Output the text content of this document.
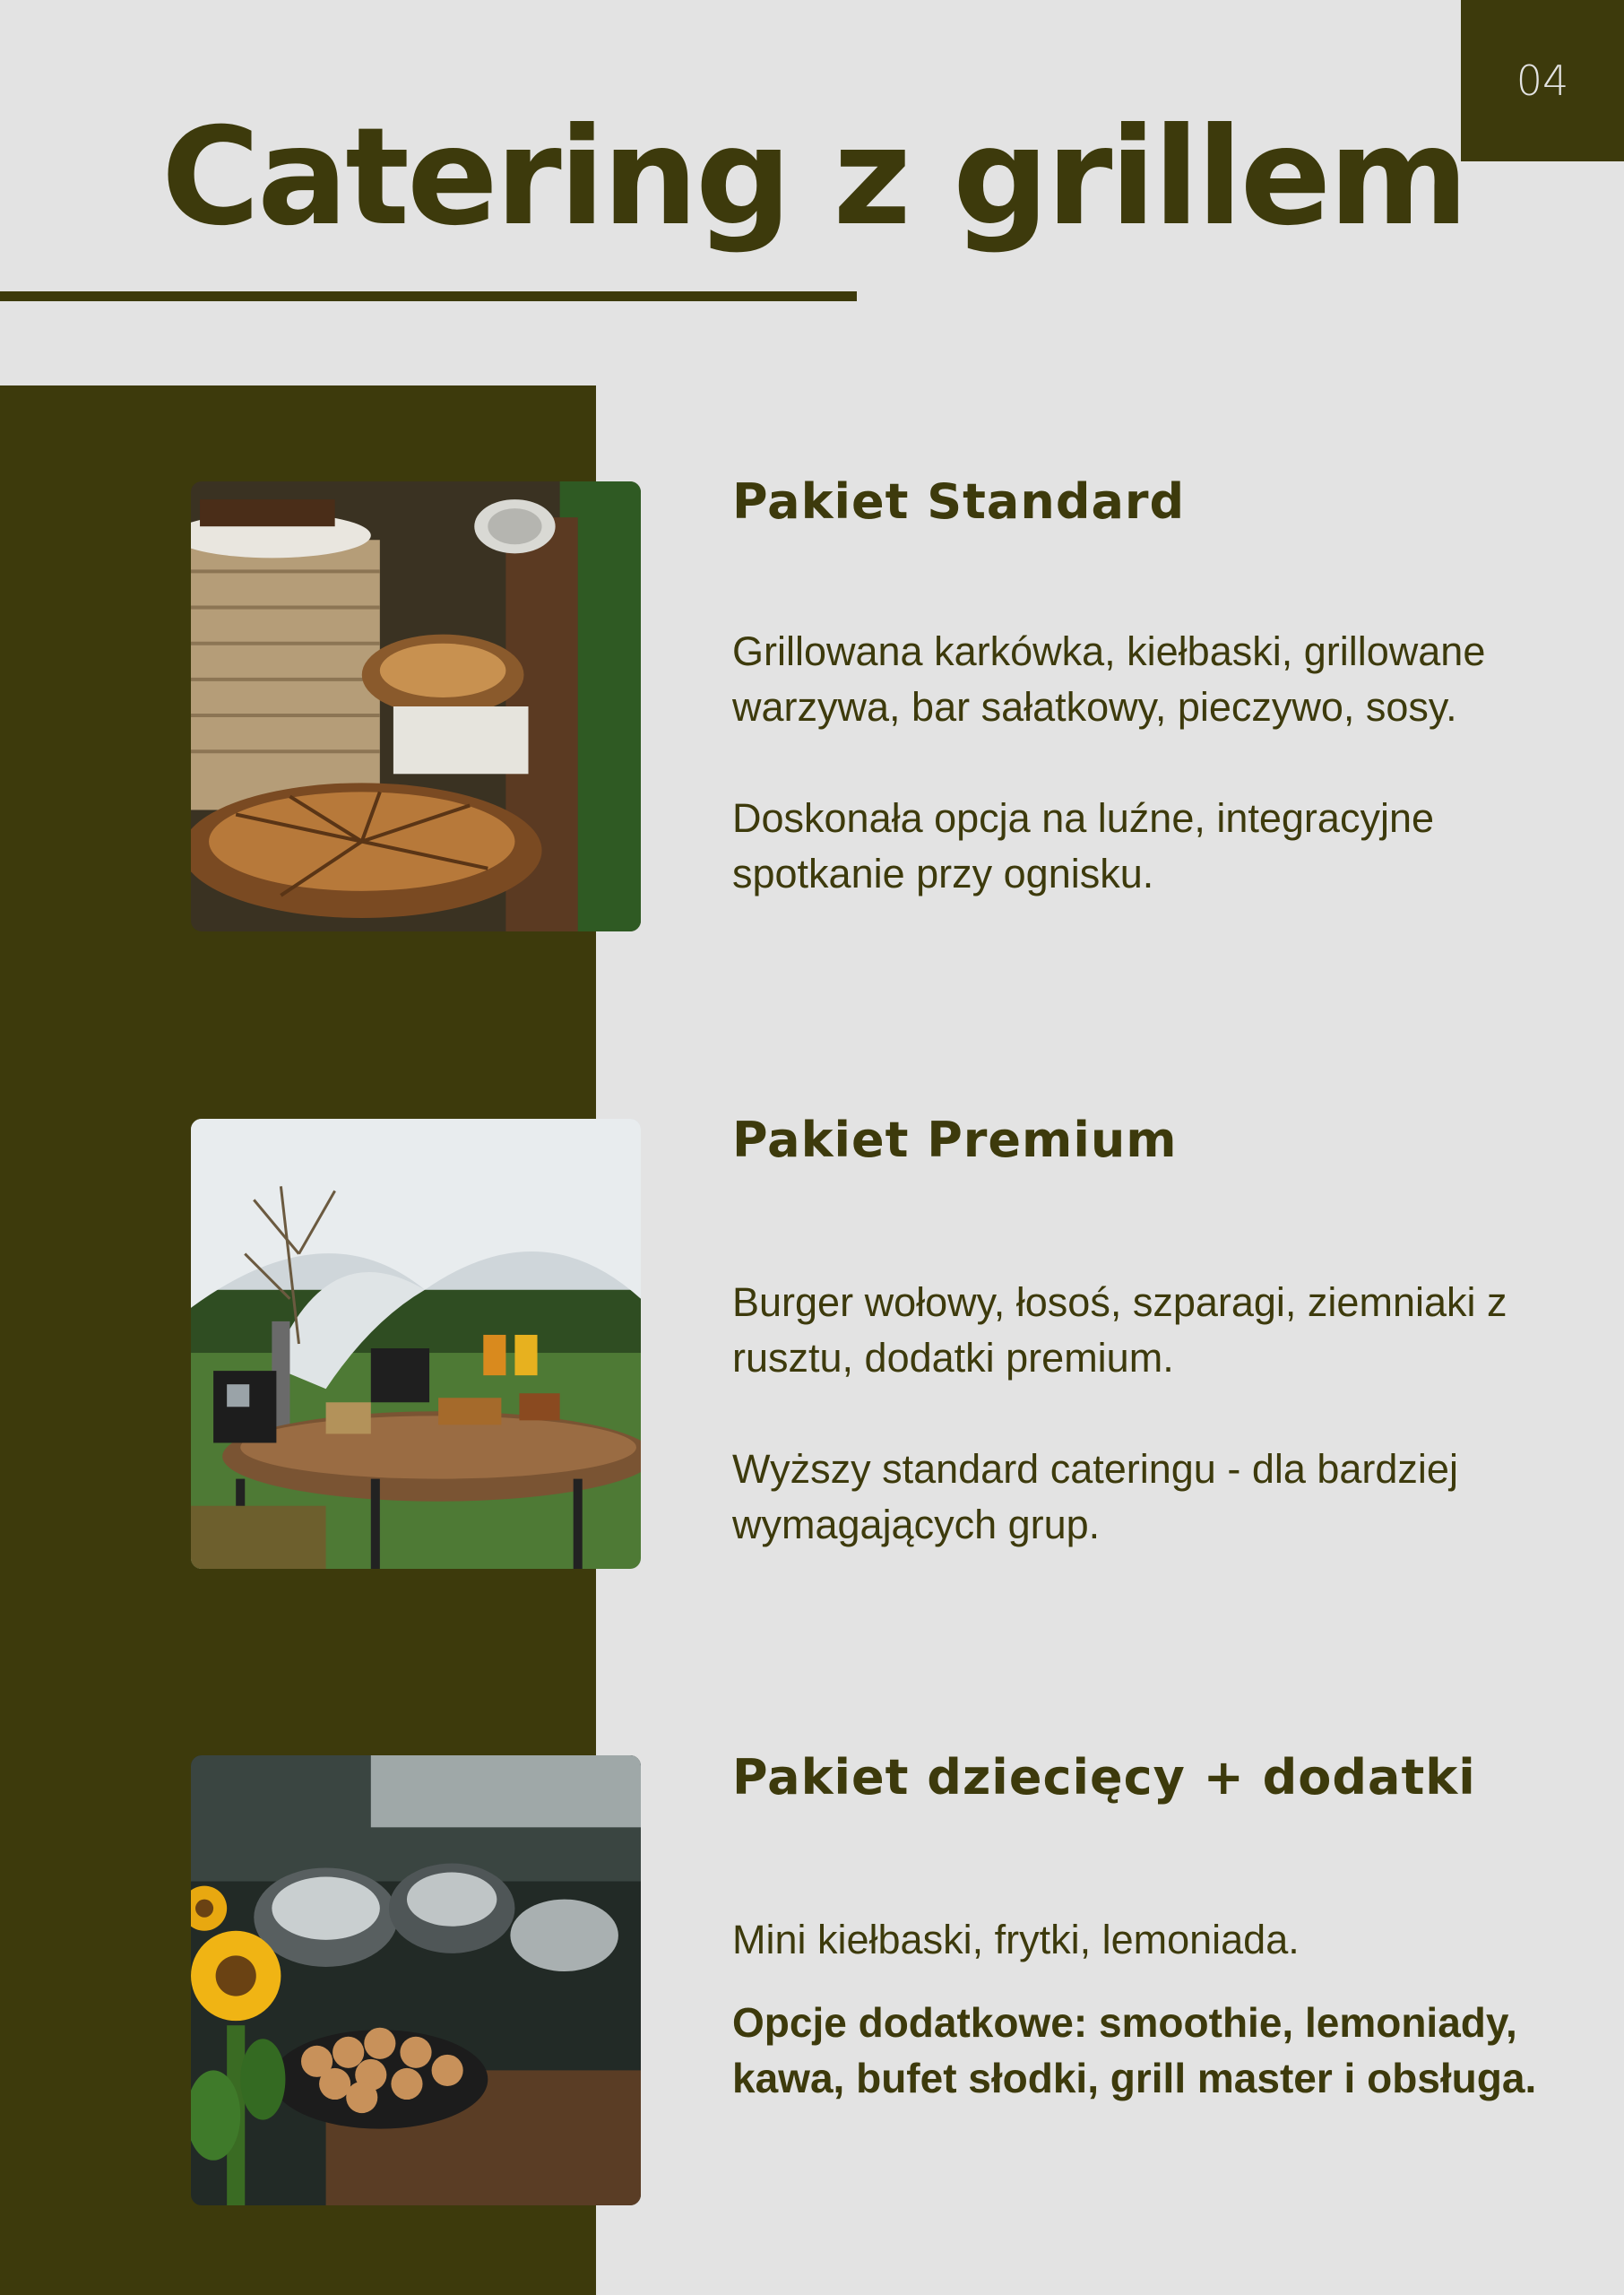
04
Catering z grillem
Pakiet Standard

Grillowana karkówka, kiełbaski, grillowane warzywa, bar sałatkowy, pieczywo, sosy.

Doskonała opcja na luźne, integracyjne spotkanie przy ognisku.

Pakiet Premium

Burger wołowy, łosoś, szparagi, ziemniaki z rusztu, dodatki premium.

Wyższy standard cateringu - dla bardziej wymagających grup.

Pakiet dziecięcy + dodatki

Mini kiełbaski, frytki, lemoniada.

Opcje dodatkowe: smoothie, lemoniady, kawa, bufet słodki, grill master i obsługa.
